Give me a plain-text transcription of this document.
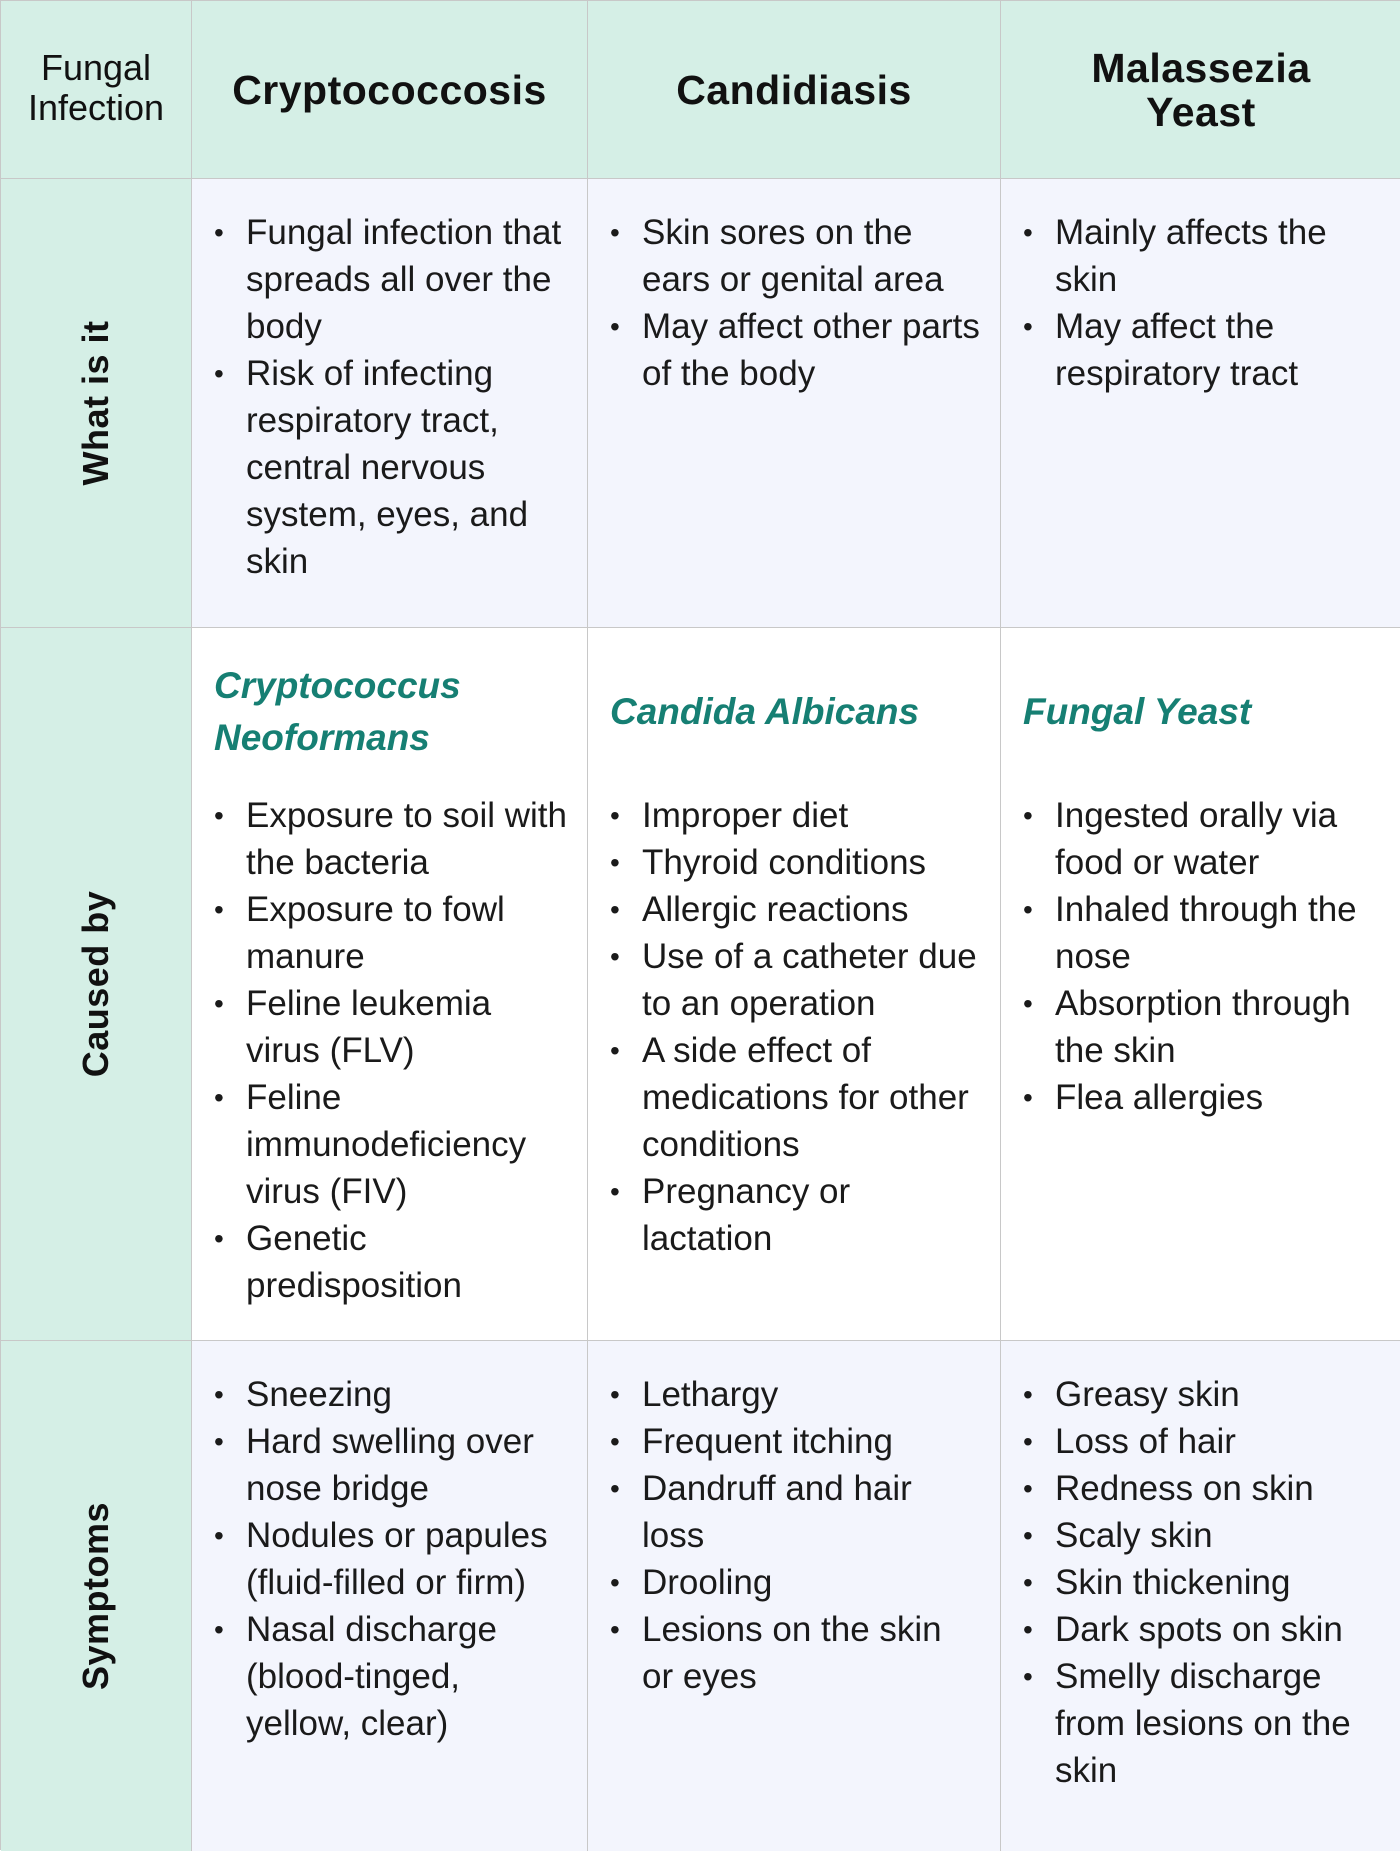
Fungal Infection Cryptococcosis	Candidiasis	Malassezia Yeast
What is it
• Fungal infection that spreads all over the body
• Risk of infecting respiratory tract, central nervous system, eyes, and skin
• Skin sores on the ears or genital area
• May affect other parts of the body
• Mainly affects the skin
• May affect the respiratory tract
Caused by

Cryptococcus Neoformans

• Exposure to soil with the bacteria
• Exposure to fowl manure
• Feline leukemia virus (FLV)
• Feline immunodeficiency virus (FIV)
• Genetic predisposition

Candida Albicans

• Improper diet
• Thyroid conditions
• Allergic reactions
• Use of a catheter due to an operation
• A side effect of medications for other conditions
• Pregnancy or lactation

Fungal Yeast

• Ingested orally via food or water
• Inhaled through the nose
• Absorption through the skin
• Flea allergies
Symptoms
• Sneezing
• Hard swelling over nose bridge
• Nodules or papules (fluid-filled or firm)
• Nasal discharge (blood-tinged, yellow, clear)
• Lethargy
• Frequent itching
• Dandruff and hair loss
• Drooling
• Lesions on the skin or eyes
• Greasy skin
• Loss of hair
• Redness on skin
• Scaly skin
• Skin thickening
• Dark spots on skin
• Smelly discharge from lesions on the skin
